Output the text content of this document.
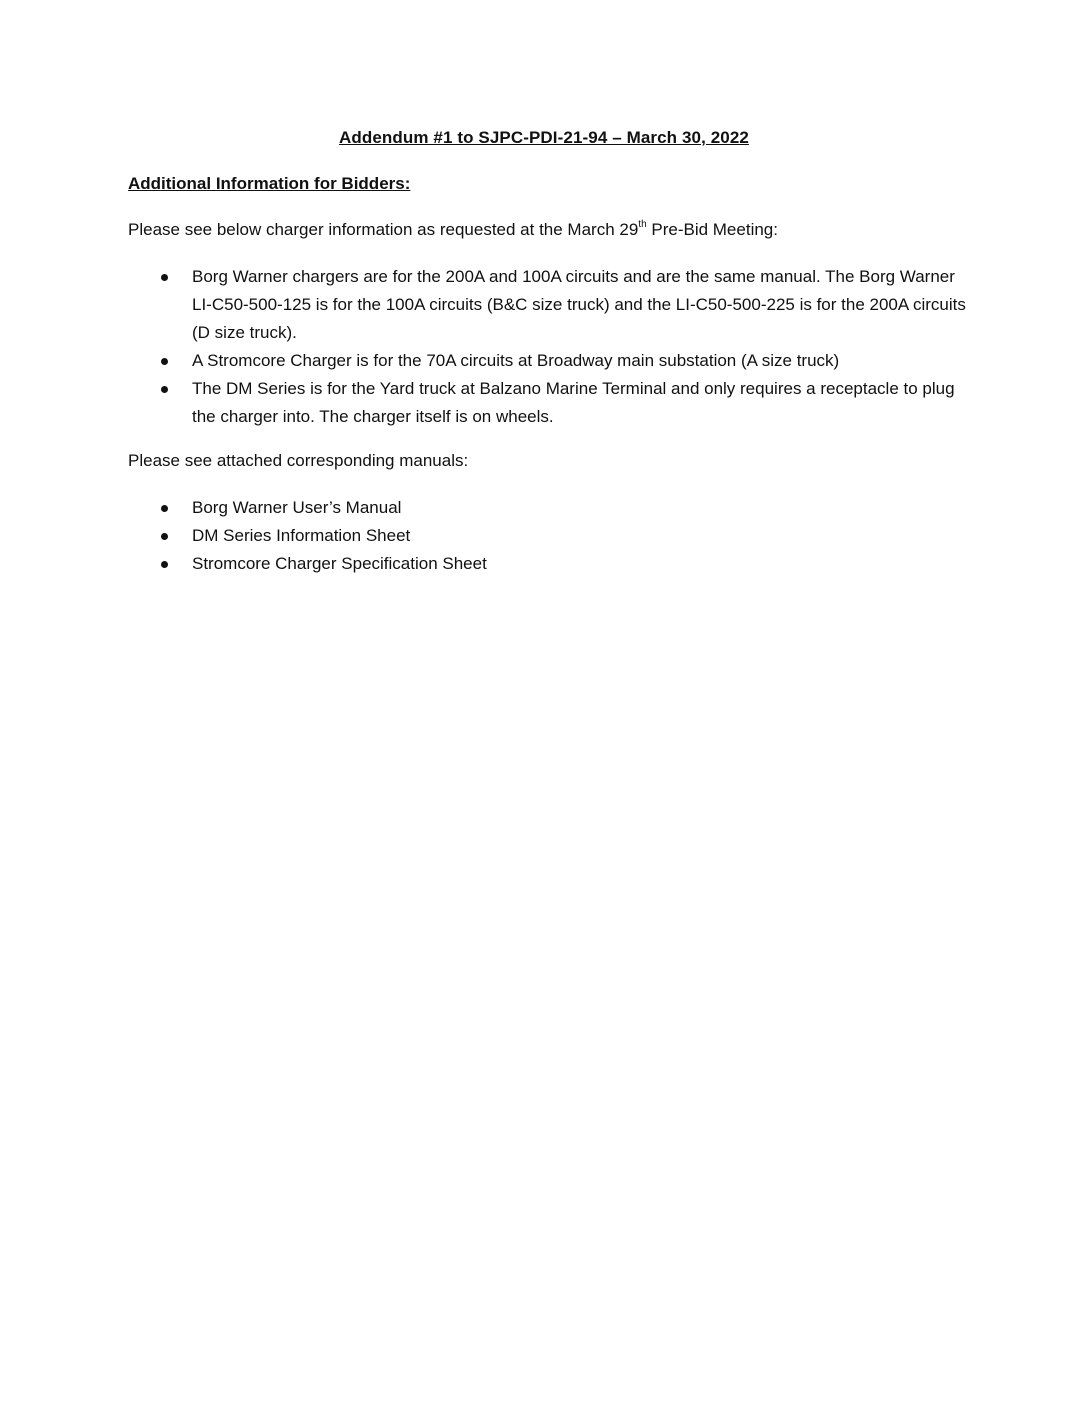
Addendum #1 to SJPC-PDI-21-94 – March 30, 2022
Additional Information for Bidders:
Please see below charger information as requested at the March 29th Pre-Bid Meeting:
Borg Warner chargers are for the 200A and 100A circuits and are the same manual. The Borg Warner LI-C50-500-125 is for the 100A circuits (B&C size truck) and the LI-C50-500-225 is for the 200A circuits (D size truck).
A Stromcore Charger is for the 70A circuits at Broadway main substation (A size truck)
The DM Series is for the Yard truck at Balzano Marine Terminal and only requires a receptacle to plug the charger into. The charger itself is on wheels.
Please see attached corresponding manuals:
Borg Warner User’s Manual
DM Series Information Sheet
Stromcore Charger Specification Sheet
